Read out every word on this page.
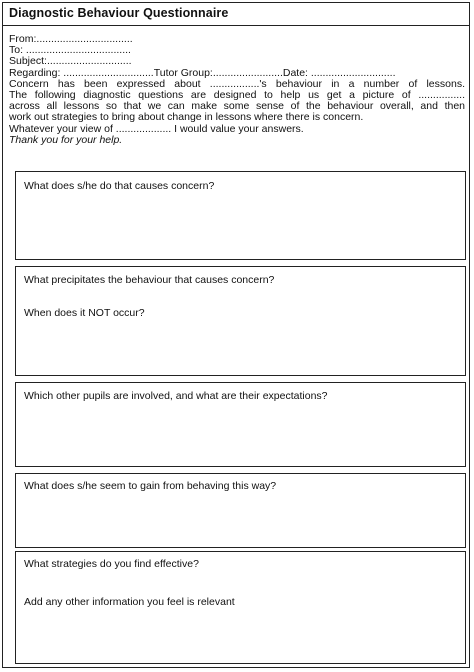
Diagnostic Behaviour Questionnaire
From:.................................
To: ....................................
Subject:.............................
Regarding: ...............................Tutor Group:........................Date: .............................
Concern has been expressed about .................'s behaviour in a number of lessons.
The following diagnostic questions are designed to help us get a picture of ................
across all lessons so that we can make some sense of the behaviour overall, and then
work out strategies to bring about change in lessons where there is concern.
Whatever your view of ................... I would value your answers.
Thank you for your help.
What does s/he do that causes concern?
What precipitates the behaviour that causes concern?
When does it NOT occur?
Which other pupils are involved, and what are their expectations?
What does s/he seem to gain from behaving this way?
What strategies do you find effective?
Add any other information you feel is relevant
